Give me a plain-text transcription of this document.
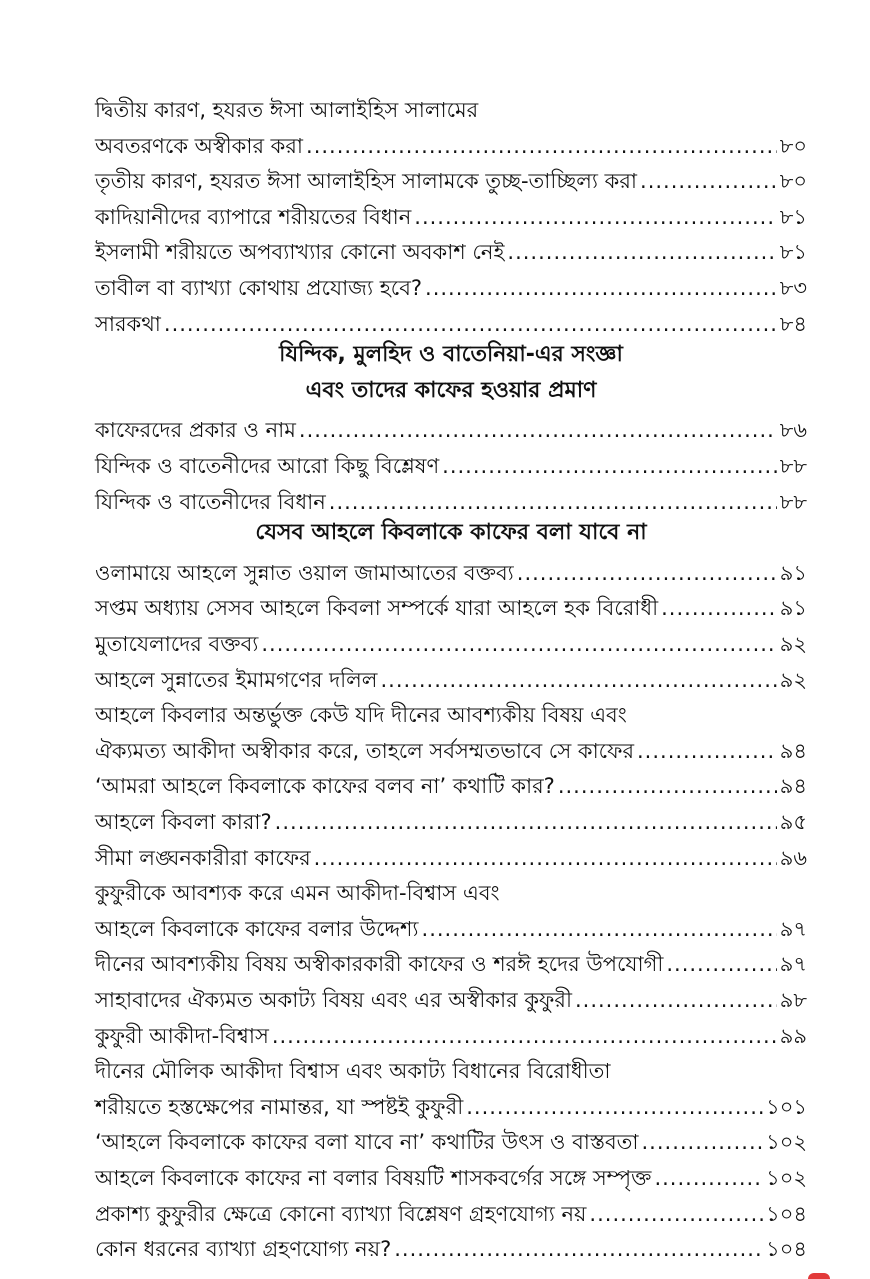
দ্বিতীয় কারণ, হযরত ঈসা আলাইহিস সালামের
অবতরণকে অস্বীকার করা .....	৮০
তৃতীয় কারণ, হযরত ঈসা আলাইহিস সালামকে তুচ্ছ-তাচ্ছিল্য করা .....	৮০
কাদিয়ানীদের ব্যাপারে শরীয়তের বিধান .....	৮১
ইসলামী শরীয়তে অপব্যাখ্যার কোনো অবকাশ নেই .....	৮১
তাবীল বা ব্যাখ্যা কোথায় প্রযোজ্য হবে? .....	৮৩
সারকথা .....	৮৪
যিন্দিক, মুলহিদ ও বাতেনিয়া-এর সংজ্ঞা
এবং তাদের কাফের হওয়ার প্রমাণ
কাফেরদের প্রকার ও নাম .....	৮৬
যিন্দিক ও বাতেনীদের আরো কিছু বিশ্লেষণ .....	৮৮
যিন্দিক ও বাতেনীদের বিধান .....	৮৮
যেসব আহলে কিবলাকে কাফের বলা যাবে না
ওলামায়ে আহলে সুন্নাত ওয়াল জামাআতের বক্তব্য .....	৯১
সপ্তম অধ্যায় সেসব আহলে কিবলা সম্পর্কে যারা আহলে হক বিরোধী .....	৯১
মুতাযেলাদের বক্তব্য .....	৯২
আহলে সুন্নাতের ইমামগণের দলিল .....	৯২
আহলে কিবলার অন্তর্ভুক্ত কেউ যদি দীনের আবশ্যকীয় বিষয় এবং
ঐক্যমত্য আকীদা অস্বীকার করে, তাহলে সর্বসম্মতভাবে সে কাফের .....	৯৪
‘আমরা আহলে কিবলাকে কাফের বলব না’ কথাটি কার? .....	৯৪
আহলে কিবলা কারা? .....	৯৫
সীমা লঙ্ঘনকারীরা কাফের .....	৯৬
কুফুরীকে আবশ্যক করে এমন আকীদা-বিশ্বাস এবং
আহলে কিবলাকে কাফের বলার উদ্দেশ্য .....	৯৭
দীনের আবশ্যকীয় বিষয় অস্বীকারকারী কাফের ও শরঈ হদের উপযোগী .....	৯৭
সাহাবাদের ঐক্যমত অকাট্য বিষয় এবং এর অস্বীকার কুফুরী .....	৯৮
কুফুরী আকীদা-বিশ্বাস .....	৯৯
দীনের মৌলিক আকীদা বিশ্বাস এবং অকাট্য বিধানের বিরোধীতা
শরীয়তে হস্তক্ষেপের নামান্তর, যা স্পষ্টই কুফুরী .....	১০১
‘আহলে কিবলাকে কাফের বলা যাবে না’ কথাটির উৎস ও বাস্তবতা .....	১০২
আহলে কিবলাকে কাফের না বলার বিষয়টি শাসকবর্গের সঙ্গে সম্পৃক্ত .....	১০২
প্রকাশ্য কুফুরীর ক্ষেত্রে কোনো ব্যাখ্যা বিশ্লেষণ গ্রহণযোগ্য নয় .....	১০৪
কোন ধরনের ব্যাখ্যা গ্রহণযোগ্য নয়? .....	১০৪
